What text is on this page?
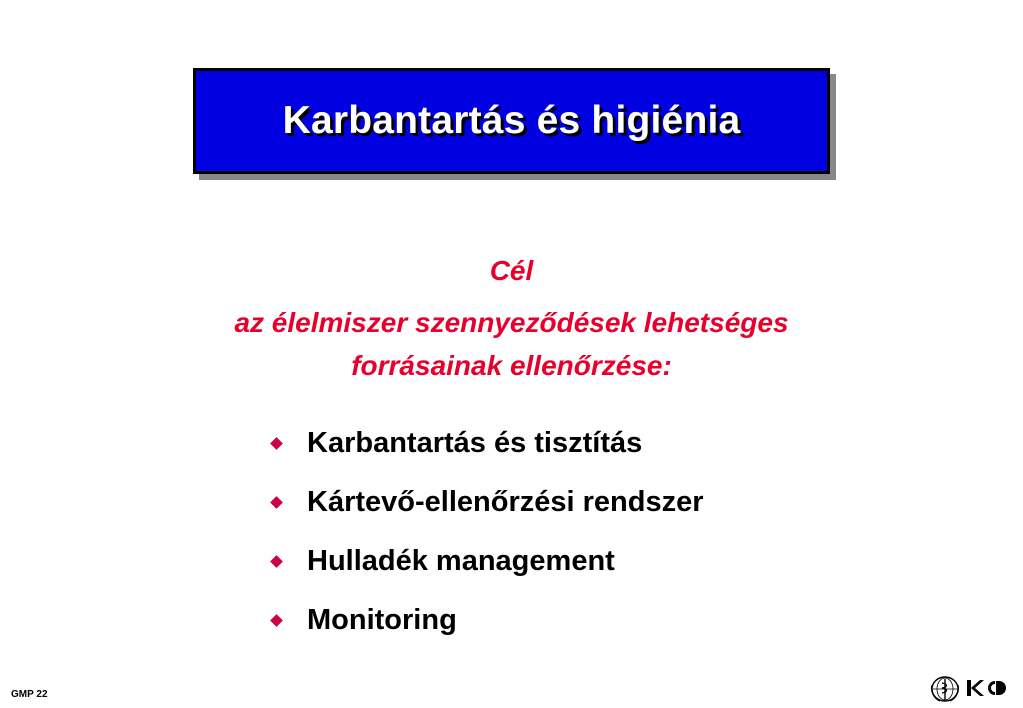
Karbantartás és higiénia
Cél
az élelmiszer szennyeződések lehetséges
forrásainak ellenőrzése:
Karbantartás és tisztítás
Kártevő-ellenőrzési rendszer
Hulladék management
Monitoring
GMP 22
